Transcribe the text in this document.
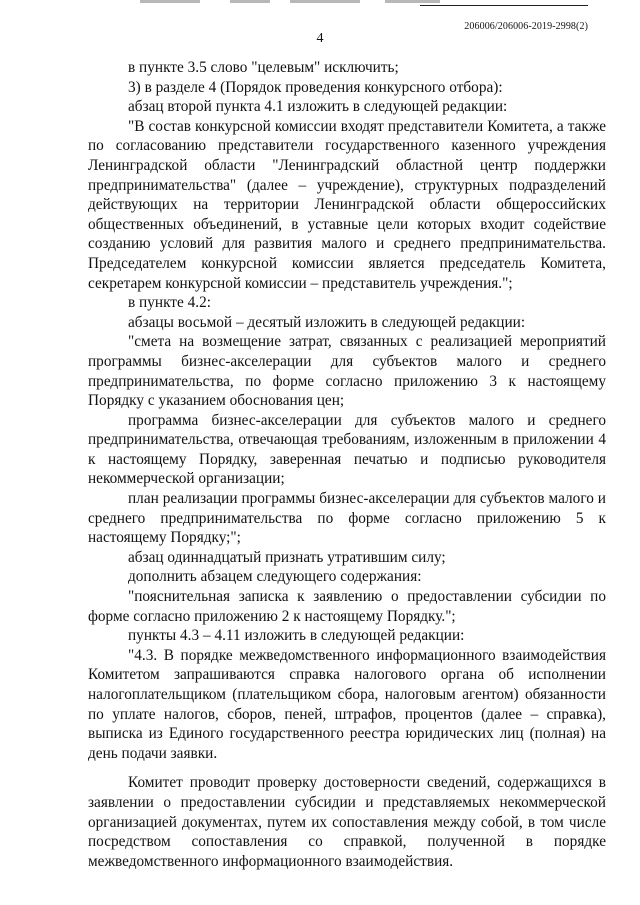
206006/206006-2019-2998(2)
4

в пункте 3.5 слово "целевым" исключить;

3) в разделе 4 (Порядок проведения конкурсного отбора):

абзац второй пункта 4.1 изложить в следующей редакции:

"В состав конкурсной комиссии входят представители Комитета, а также по согласованию представители государственного казенного учреждения Ленинградской области "Ленинградский областной центр поддержки предпринимательства" (далее – учреждение), структурных подразделений действующих на территории Ленинградской области общероссийских общественных объединений, в уставные цели которых входит содействие созданию условий для развития малого и среднего предпринимательства. Председателем конкурсной комиссии является председатель Комитета, секретарем конкурсной комиссии – представитель учреждения.";

в пункте 4.2:

абзацы восьмой – десятый изложить в следующей редакции:

"смета на возмещение затрат, связанных с реализацией мероприятий программы бизнес-акселерации для субъектов малого и среднего предпринимательства, по форме согласно приложению 3 к настоящему Порядку с указанием обоснования цен;

программа бизнес-акселерации для субъектов малого и среднего предпринимательства, отвечающая требованиям, изложенным в приложении 4 к настоящему Порядку, заверенная печатью и подписью руководителя некоммерческой организации;

план реализации программы бизнес-акселерации для субъектов малого и среднего предпринимательства по форме согласно приложению 5 к настоящему Порядку;";

абзац одиннадцатый признать утратившим силу;

дополнить абзацем следующего содержания:

"пояснительная записка к заявлению о предоставлении субсидии по форме согласно приложению 2 к настоящему Порядку.";

пункты 4.3 – 4.11 изложить в следующей редакции:

"4.3. В порядке межведомственного информационного взаимодействия Комитетом запрашиваются справка налогового органа об исполнении налогоплательщиком (плательщиком сбора, налоговым агентом) обязанности по уплате налогов, сборов, пеней, штрафов, процентов (далее – справка), выписка из Единого государственного реестра юридических лиц (полная) на день подачи заявки.

Комитет проводит проверку достоверности сведений, содержащихся в заявлении о предоставлении субсидии и представляемых некоммерческой организацией документах, путем их сопоставления между собой, в том числе посредством сопоставления со справкой, полученной в порядке межведомственного информационного взаимодействия.
